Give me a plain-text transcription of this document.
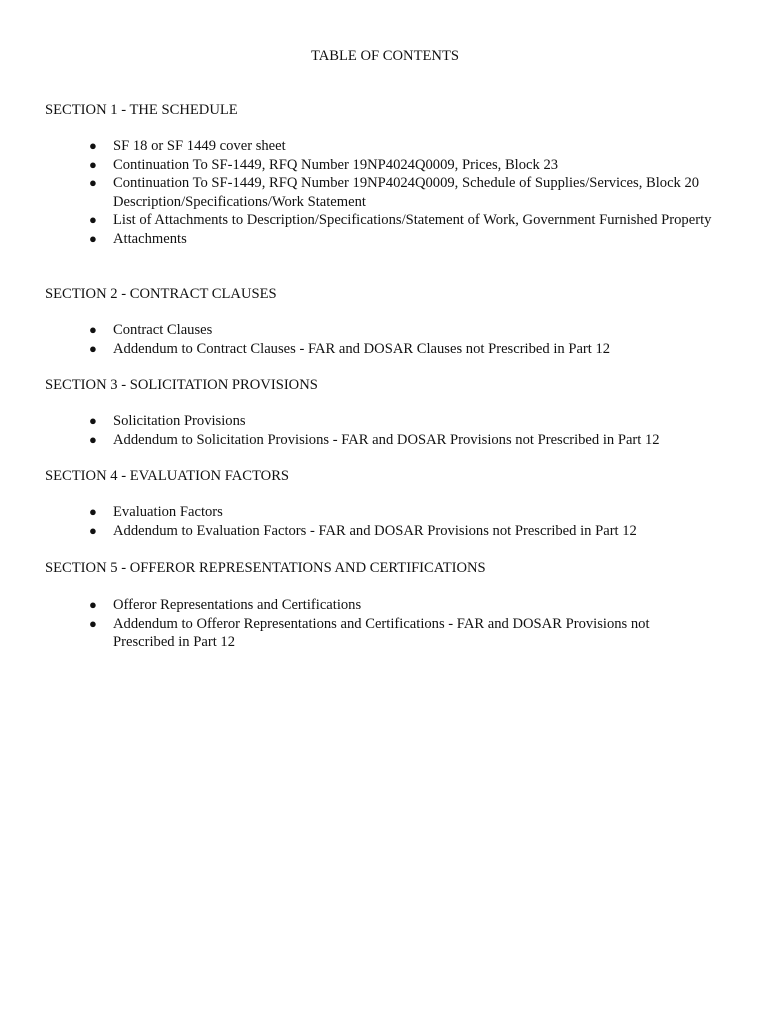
TABLE OF CONTENTS
SECTION 1 - THE SCHEDULE
● SF 18 or SF 1449 cover sheet
● Continuation To SF-1449, RFQ Number 19NP4024Q0009, Prices, Block 23
● Continuation To SF-1449, RFQ Number 19NP4024Q0009, Schedule of Supplies/Services, Block 20 Description/Specifications/Work Statement
● List of Attachments to Description/Specifications/Statement of Work, Government Furnished Property
● Attachments
SECTION 2 - CONTRACT CLAUSES
● Contract Clauses
● Addendum to Contract Clauses - FAR and DOSAR Clauses not Prescribed in Part 12
SECTION 3 - SOLICITATION PROVISIONS
● Solicitation Provisions
● Addendum to Solicitation Provisions - FAR and DOSAR Provisions not Prescribed in Part 12
SECTION 4 - EVALUATION FACTORS
● Evaluation Factors
● Addendum to Evaluation Factors - FAR and DOSAR Provisions not Prescribed in Part 12
SECTION 5 - OFFEROR REPRESENTATIONS AND CERTIFICATIONS
● Offeror Representations and Certifications
● Addendum to Offeror Representations and Certifications - FAR and DOSAR Provisions not Prescribed in Part 12
